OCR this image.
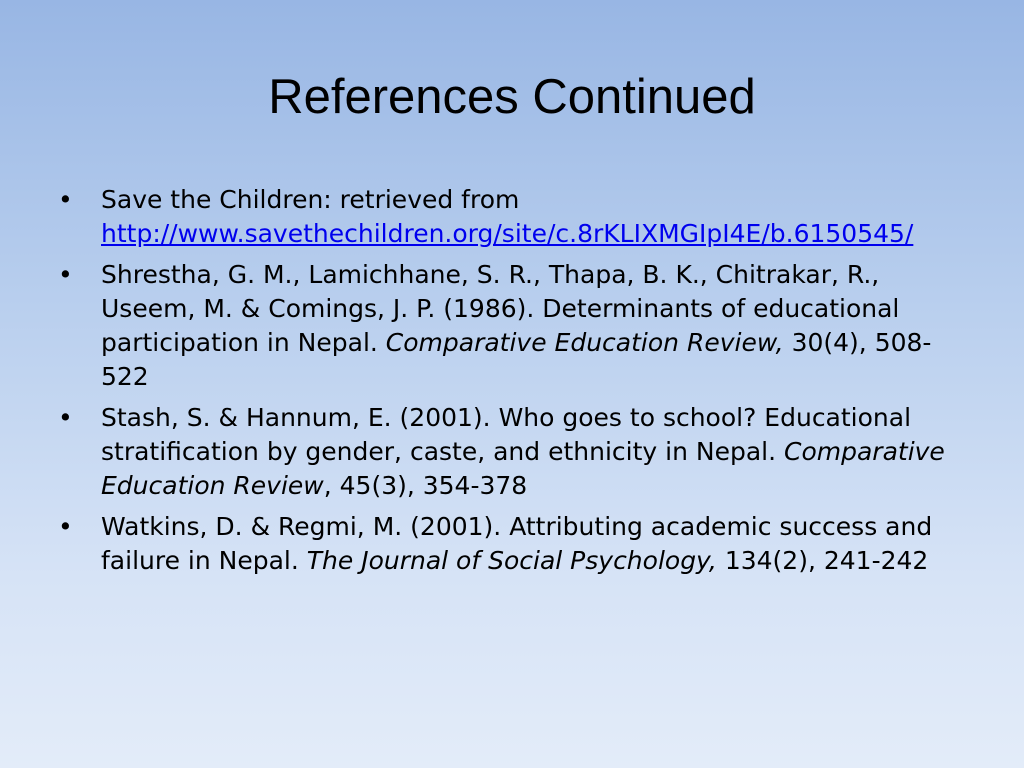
References Continued
• Save the Children: retrieved from
http://www.savethechildren.org/site/c.8rKLIXMGIpI4E/b.6150545/
• Shrestha, G. M., Lamichhane, S. R., Thapa, B. K., Chitrakar, R., Useem, M. & Comings, J. P. (1986). Determinants of educational participation in Nepal. Comparative Education Review, 30(4), 508-522
• Stash, S. & Hannum, E. (2001). Who goes to school? Educational stratification by gender, caste, and ethnicity in Nepal. Comparative Education Review, 45(3), 354-378
• Watkins, D. & Regmi, M. (2001). Attributing academic success and failure in Nepal. The Journal of Social Psychology, 134(2), 241-242
